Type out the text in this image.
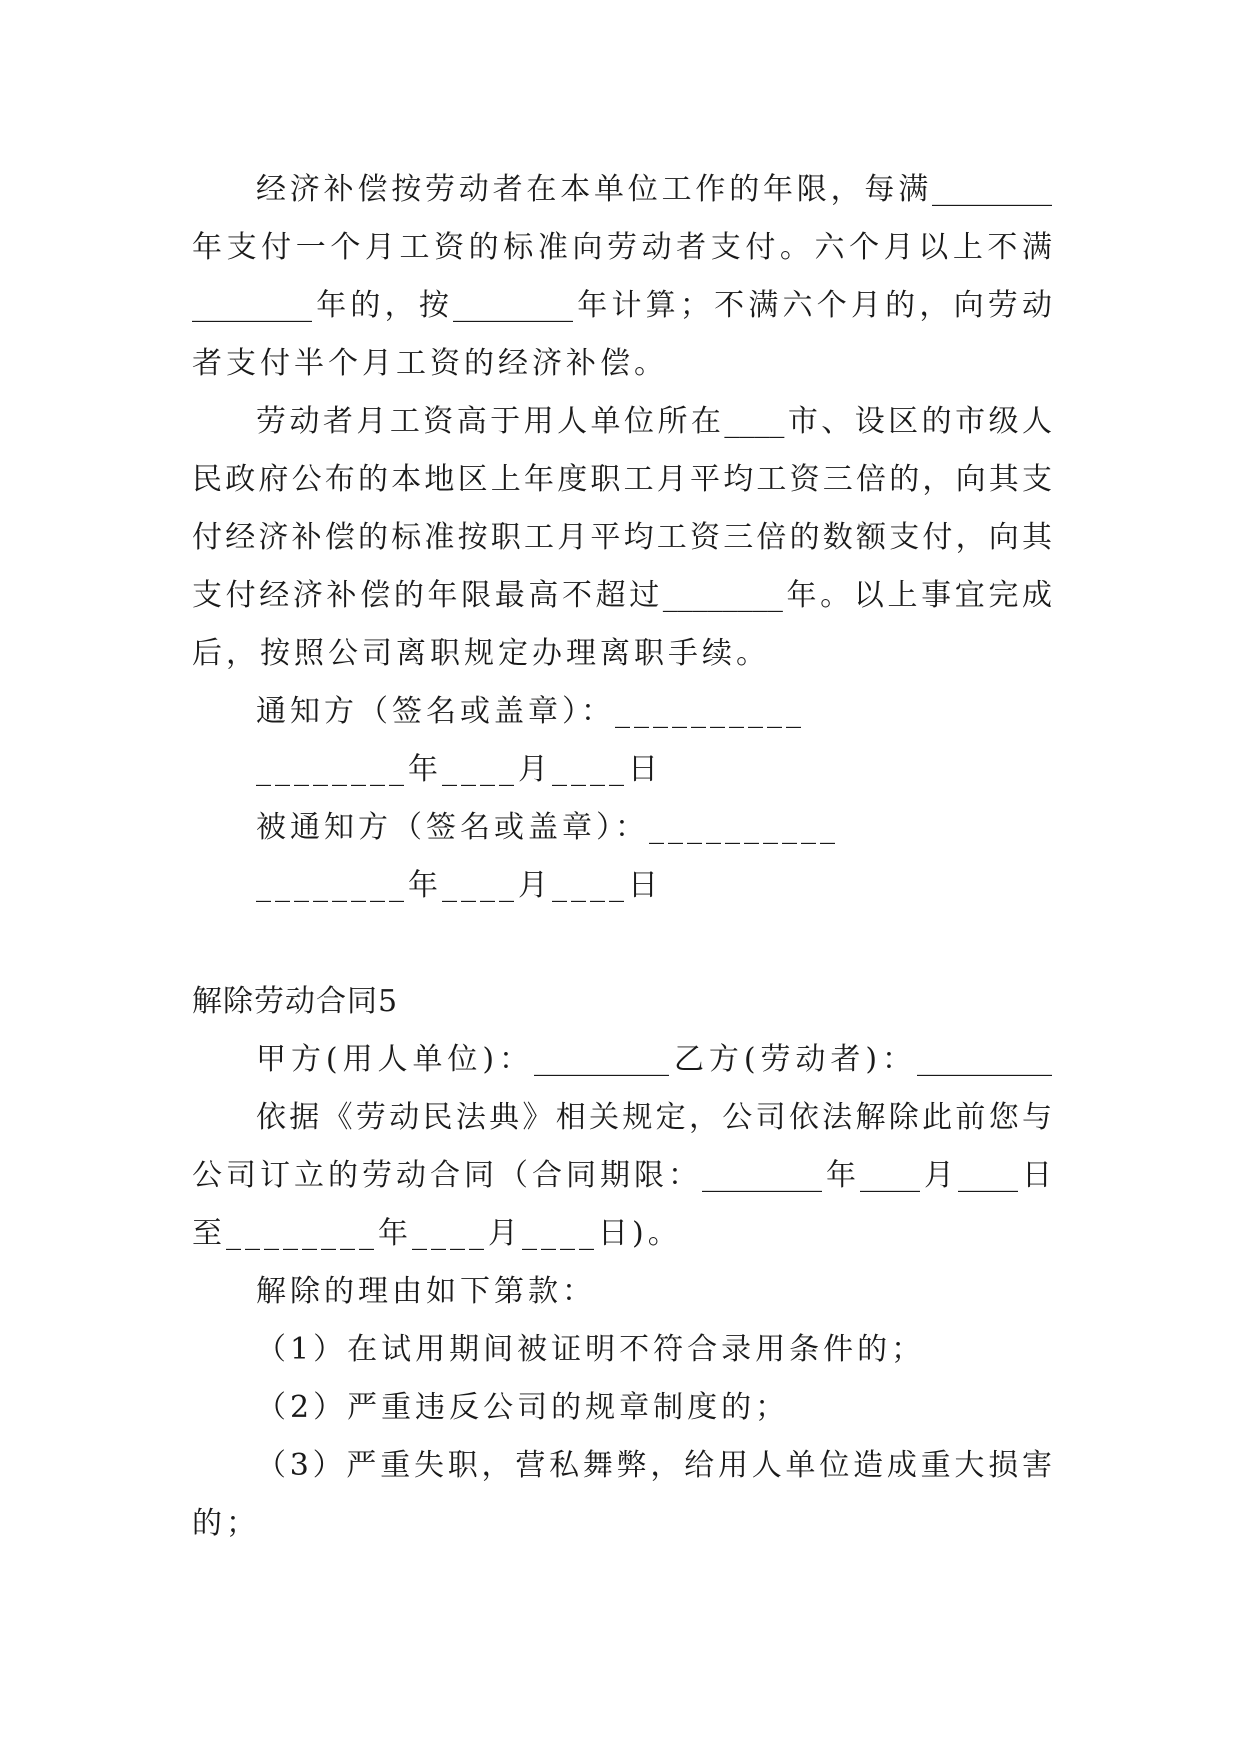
经济补偿按劳动者在本单位工作的年限，每满________
年支付一个月工资的标准向劳动者支付。六个月以上不满
________年的，按________年计算；不满六个月的，向劳动
者支付半个月工资的经济补偿。
劳动者月工资高于用人单位所在____市、设区的市级人
民政府公布的本地区上年度职工月平均工资三倍的，向其支
付经济补偿的标准按职工月平均工资三倍的数额支付，向其
支付经济补偿的年限最高不超过________年。以上事宜完成
后，按照公司离职规定办理离职手续。
通知方（签名或盖章）：__________
________年____月____日
被通知方（签名或盖章）：__________
________年____月____日
解除劳动合同5
甲方(用人单位)：_________乙方(劳动者)：_________
依据《劳动民法典》相关规定，公司依法解除此前您与
公司订立的劳动合同（合同期限：________年____月____日
至________年____月____日)。
解除的理由如下第款：
（1）在试用期间被证明不符合录用条件的；
（2）严重违反公司的规章制度的；
（3）严重失职，营私舞弊，给用人单位造成重大损害
的；
